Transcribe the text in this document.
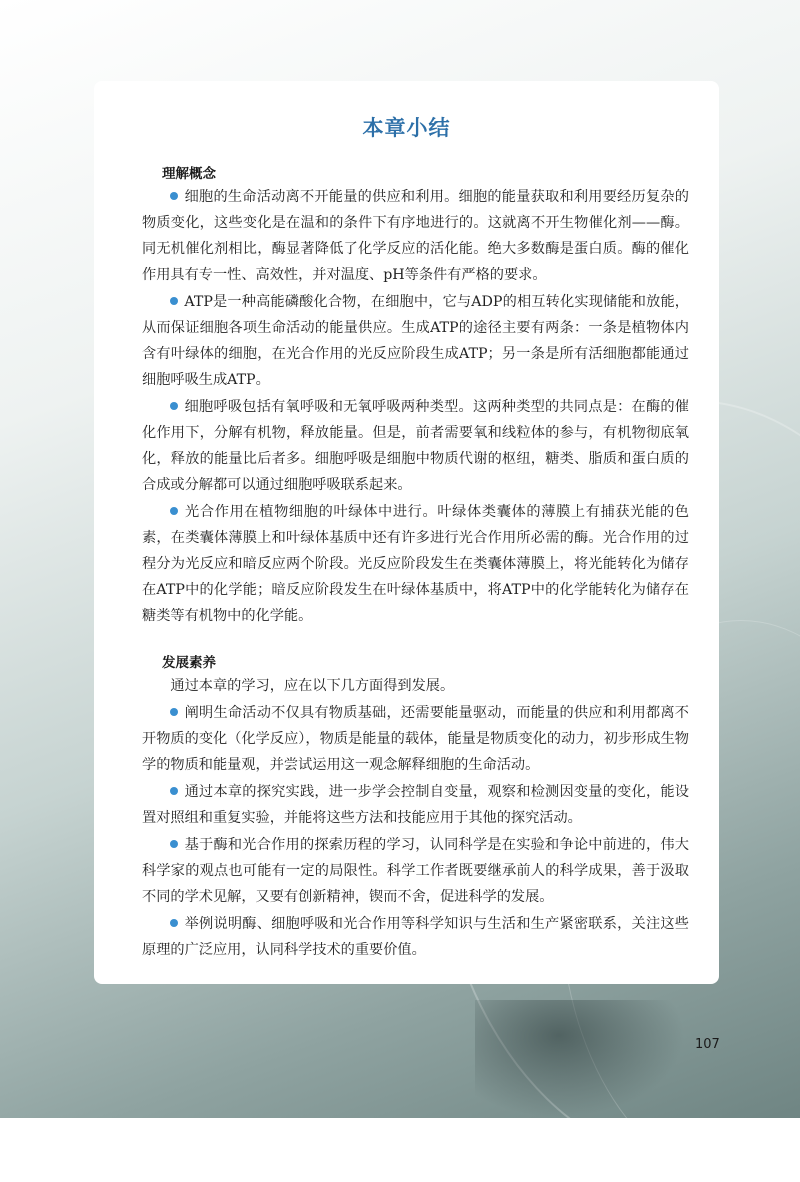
本章小结
理解概念

细胞的生命活动离不开能量的供应和利用。细胞的能量获取和利用要经历复杂的物质变化，这些变化是在温和的条件下有序地进行的。这就离不开生物催化剂——酶。同无机催化剂相比，酶显著降低了化学反应的活化能。绝大多数酶是蛋白质。酶的催化作用具有专一性、高效性，并对温度、pH等条件有严格的要求。

ATP是一种高能磷酸化合物，在细胞中，它与ADP的相互转化实现储能和放能，从而保证细胞各项生命活动的能量供应。生成ATP的途径主要有两条：一条是植物体内含有叶绿体的细胞，在光合作用的光反应阶段生成ATP；另一条是所有活细胞都能通过细胞呼吸生成ATP。

细胞呼吸包括有氧呼吸和无氧呼吸两种类型。这两种类型的共同点是：在酶的催化作用下，分解有机物，释放能量。但是，前者需要氧和线粒体的参与，有机物彻底氧化，释放的能量比后者多。细胞呼吸是细胞中物质代谢的枢纽，糖类、脂质和蛋白质的合成或分解都可以通过细胞呼吸联系起来。

光合作用在植物细胞的叶绿体中进行。叶绿体类囊体的薄膜上有捕获光能的色素，在类囊体薄膜上和叶绿体基质中还有许多进行光合作用所必需的酶。光合作用的过程分为光反应和暗反应两个阶段。光反应阶段发生在类囊体薄膜上，将光能转化为储存在ATP中的化学能；暗反应阶段发生在叶绿体基质中，将ATP中的化学能转化为储存在糖类等有机物中的化学能。

发展素养

通过本章的学习，应在以下几方面得到发展。

阐明生命活动不仅具有物质基础，还需要能量驱动，而能量的供应和利用都离不开物质的变化（化学反应），物质是能量的载体，能量是物质变化的动力，初步形成生物学的物质和能量观，并尝试运用这一观念解释细胞的生命活动。

通过本章的探究实践，进一步学会控制自变量，观察和检测因变量的变化，能设置对照组和重复实验，并能将这些方法和技能应用于其他的探究活动。

基于酶和光合作用的探索历程的学习，认同科学是在实验和争论中前进的，伟大科学家的观点也可能有一定的局限性。科学工作者既要继承前人的科学成果，善于汲取不同的学术见解，又要有创新精神，锲而不舍，促进科学的发展。

举例说明酶、细胞呼吸和光合作用等科学知识与生活和生产紧密联系，关注这些原理的广泛应用，认同科学技术的重要价值。

107
